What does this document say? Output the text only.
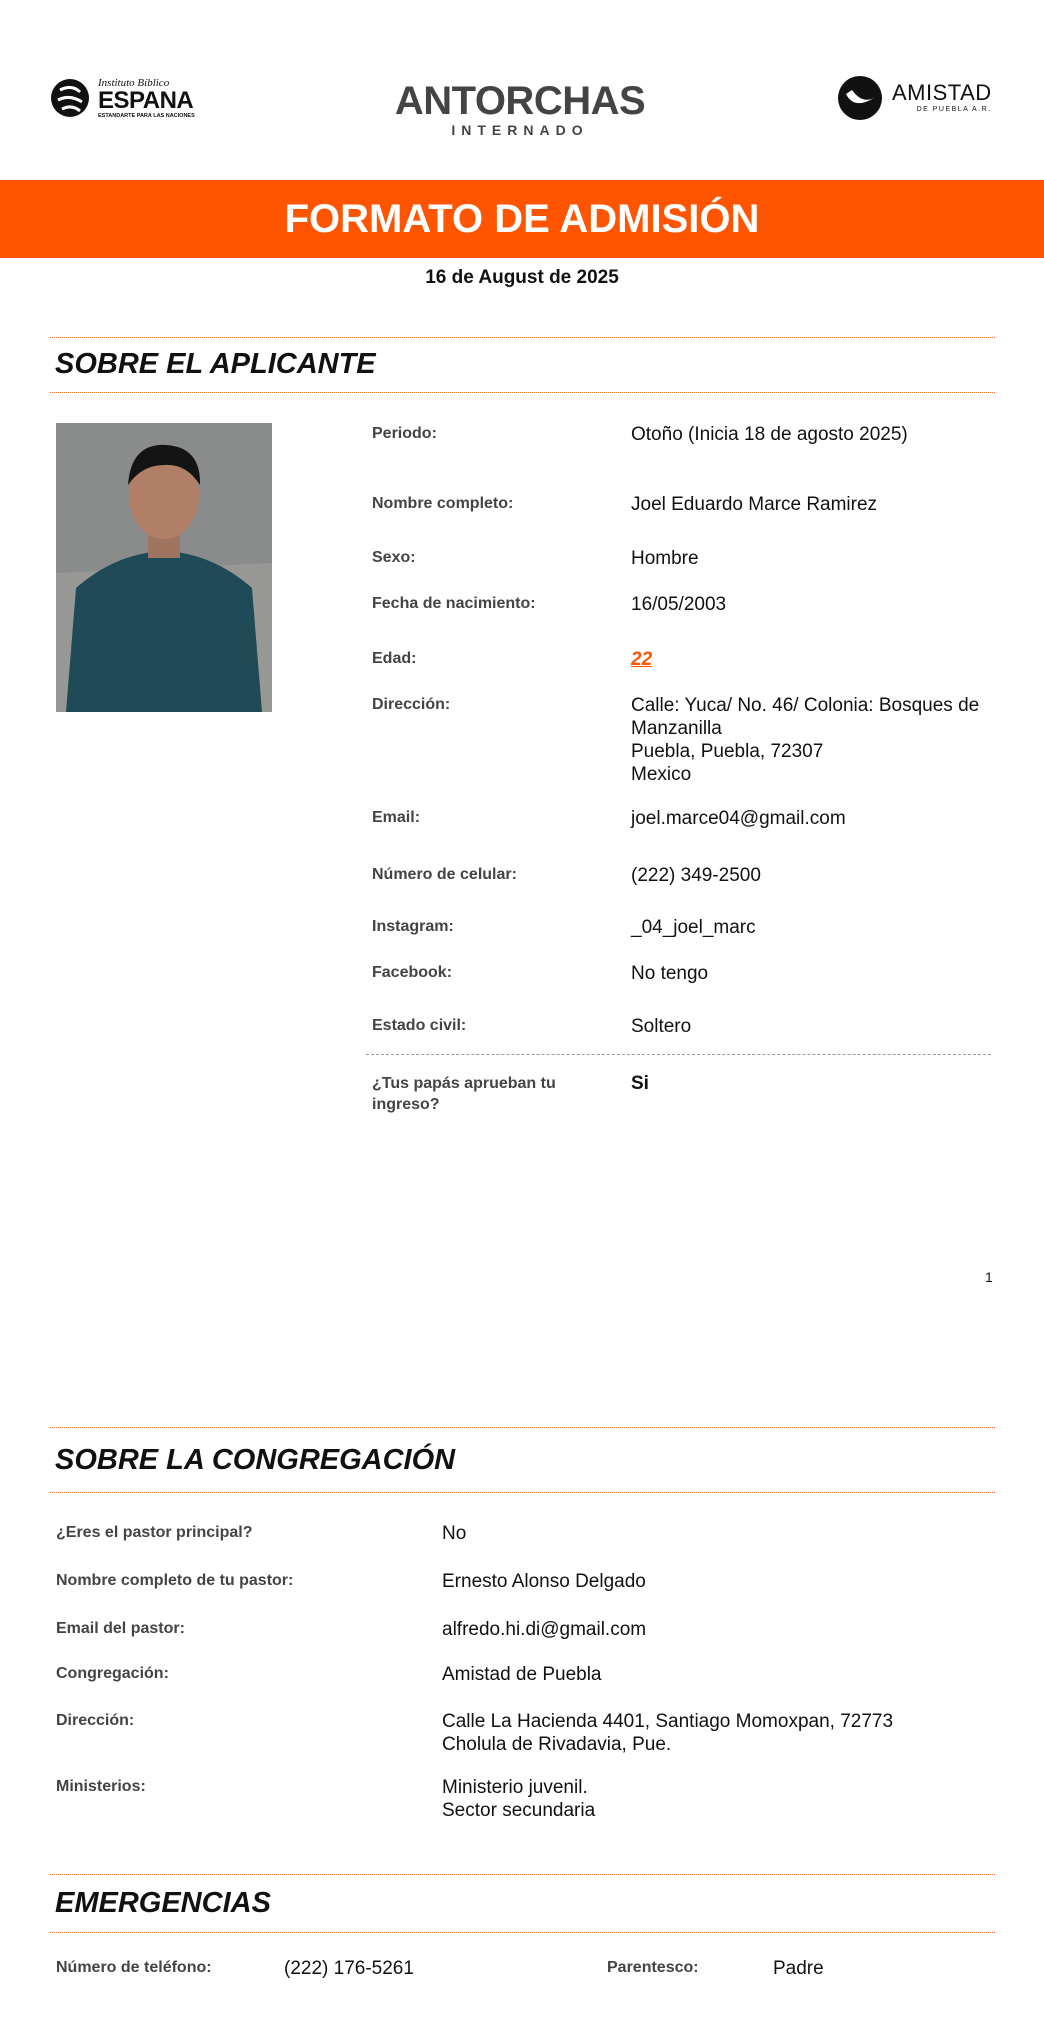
Instituto Bíblico
ESPANA
ESTANDARTE PARA LAS NACIONES	ANTORCHAS
INTERNADO
AMISTAD
DE PUEBLA A.R.
FORMATO DE ADMISIÓN
16 de August de 2025
SOBRE EL APLICANTE
Periodo:	Otoño (Inicia 18 de agosto 2025)
Nombre completo:	Joel Eduardo Marce Ramirez
Sexo:	Hombre
Fecha de nacimiento:	16/05/2003
Edad:	22
Dirección:	Calle: Yuca/ No. 46/ Colonia: Bosques de Manzanilla
Puebla, Puebla, 72307
Mexico
Email:	joel.marce04@gmail.com
Número de celular:	(222) 349-2500
Instagram:	_04_joel_marc
Facebook:	No tengo
Estado civil:	Soltero
¿Tus papás aprueban tu ingreso?
Si
1
SOBRE LA CONGREGACIÓN
¿Eres el pastor principal?	No
Nombre completo de tu pastor:	Ernesto Alonso Delgado
Email del pastor:	alfredo.hi.di@gmail.com
Congregación:	Amistad de Puebla
Dirección:	Calle La Hacienda 4401, Santiago Momoxpan, 72773
Cholula de Rivadavia, Pue.
Ministerios:	Ministerio juvenil.
Sector secundaria
EMERGENCIAS
Número de teléfono:	(222) 176-5261	Parentesco:	Padre
